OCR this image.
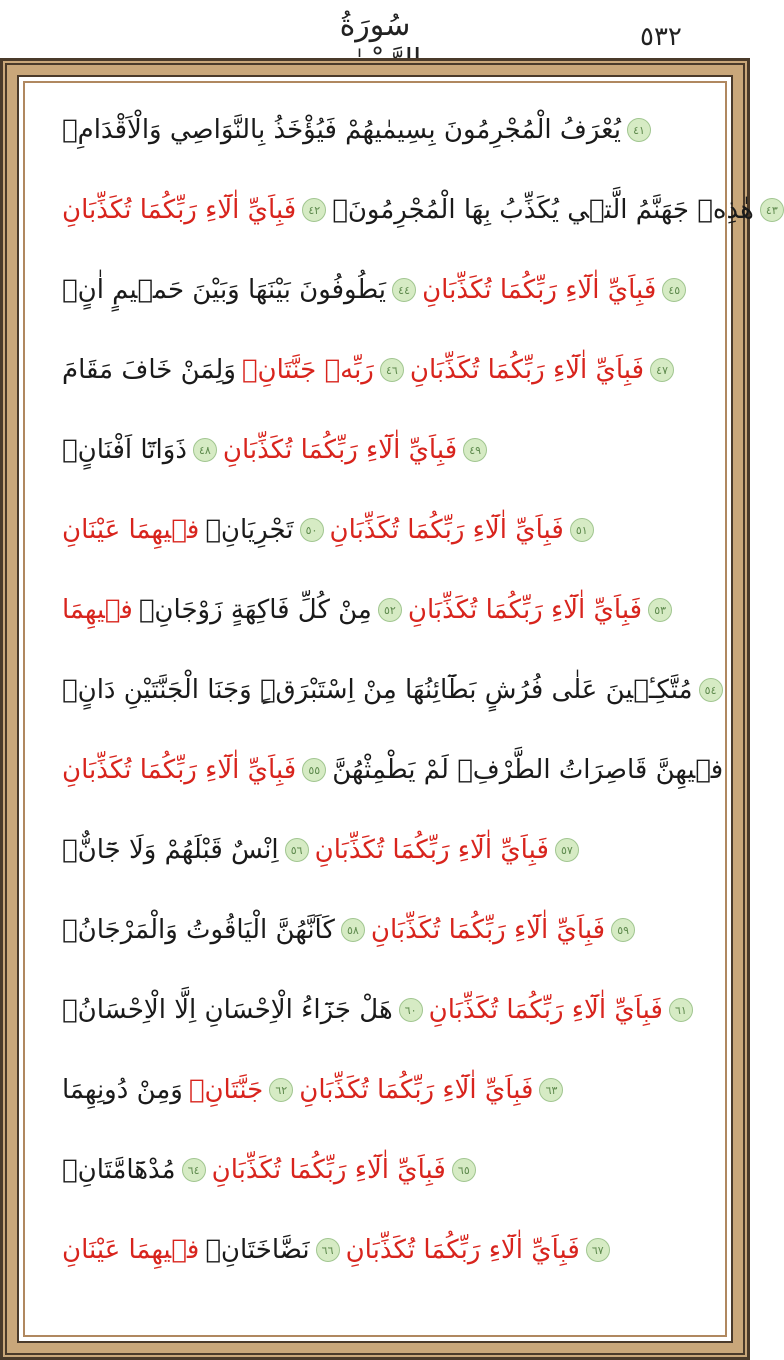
سُورَةُ	٥٣٢
يُعْرَفُ الْمُجْرِمُونَ بِسِيمٰيهُمْ فَيُؤْخَذُ بِالنَّوَاصِي وَالْاَقْدَامِۚ	٤١
فَبِاَيِّ اٰلَٓاءِ رَبِّكُمَا تُكَذِّبَانِ	٤٢ هٰذِهٖ جَهَنَّمُ الَّت۪ي يُكَذِّبُ بِهَا الْمُجْرِمُونَۢ	٤٣
يَطُوفُونَ بَيْنَهَا وَبَيْنَ حَم۪يمٍ اٰنٍۚ	٤٤ فَبِاَيِّ اٰلَٓاءِ رَبِّكُمَا تُكَذِّبَانِ	٤٥
وَلِمَنْ خَافَ مَقَامَ رَبِّه۪ جَنَّتَانِۚ	٤٦ فَبِاَيِّ اٰلَٓاءِ رَبِّكُمَا تُكَذِّبَانِ	٤٧
ذَوَاتَٓا اَفْنَانٍۚ	٤٨ فَبِاَيِّ اٰلَٓاءِ رَبِّكُمَا تُكَذِّبَانِ	٤٩
ف۪يهِمَا عَيْنَانِ تَجْرِيَانِۚ	٥٠ فَبِاَيِّ اٰلَٓاءِ رَبِّكُمَا تُكَذِّبَانِ	٥١
ف۪يهِمَا مِنْ كُلِّ فَاكِهَةٍ زَوْجَانِۚ	٥٢ فَبِاَيِّ اٰلَٓاءِ رَبِّكُمَا تُكَذِّبَانِ	٥٣
مُتَّكِـ۪ٔينَ عَلٰى فُرُشٍ بَطَٓائِنُهَا مِنْ اِسْتَبْرَقٍۜ وَجَنَا الْجَنَّتَيْنِ دَانٍۚ	٥٤
فَبِاَيِّ اٰلَٓاءِ رَبِّكُمَا تُكَذِّبَانِ	٥٥ ف۪يهِنَّ قَاصِرَاتُ الطَّرْفِۙ لَمْ يَطْمِثْهُنَّ
اِنْسٌ قَبْلَهُمْ وَلَا جَٓانٌّۚ	٥٦ فَبِاَيِّ اٰلَٓاءِ رَبِّكُمَا تُكَذِّبَانِ	٥٧
كَاَنَّهُنَّ الْيَاقُوتُ وَالْمَرْجَانُۚ	٥٨ فَبِاَيِّ اٰلَٓاءِ رَبِّكُمَا تُكَذِّبَانِ	٥٩
هَلْ جَزَٓاءُ الْاِحْسَانِ اِلَّا الْاِحْسَانُۚ	٦٠ فَبِاَيِّ اٰلَٓاءِ رَبِّكُمَا تُكَذِّبَانِ	٦١
وَمِنْ دُونِهِمَا جَنَّتَانِۚ	٦٢ فَبِاَيِّ اٰلَٓاءِ رَبِّكُمَا تُكَذِّبَانِ	٦٣
مُدْهَٓامَّتَانِۚ	٦٤ فَبِاَيِّ اٰلَٓاءِ رَبِّكُمَا تُكَذِّبَانِ	٦٥
ف۪يهِمَا عَيْنَانِ نَضَّاخَتَانِۚ	٦٦ فَبِاَيِّ اٰلَٓاءِ رَبِّكُمَا تُكَذِّبَانِ	٦٧
